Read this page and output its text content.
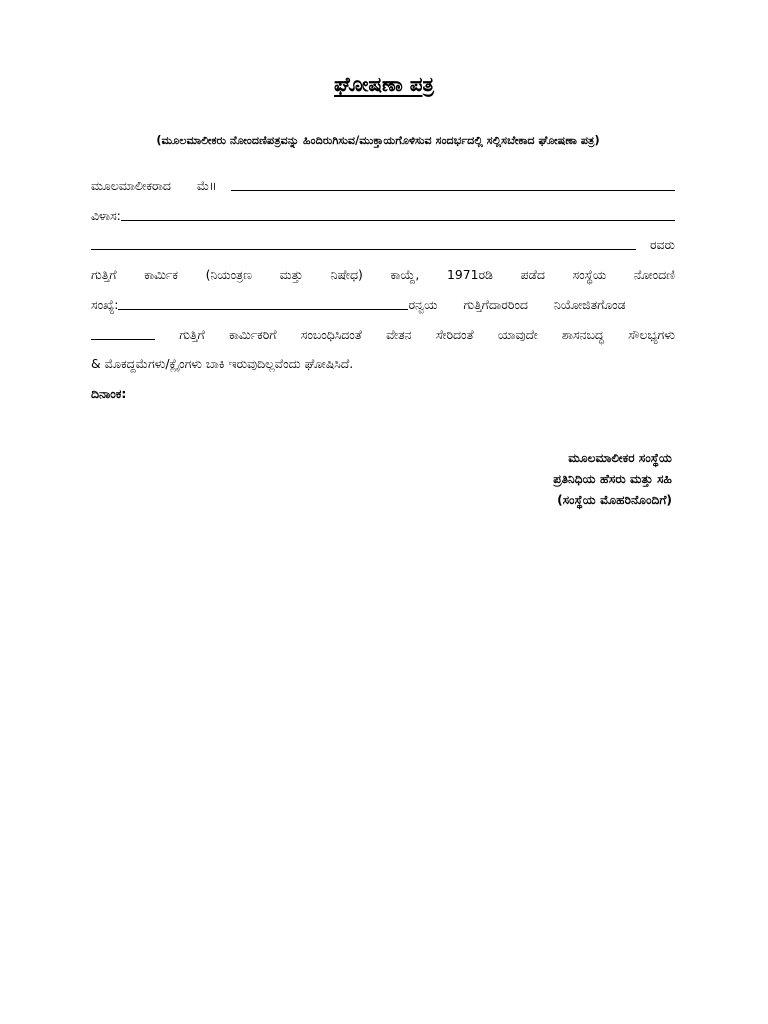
ಘೋಷಣಾ ಪತ್ರ
(ಮೂಲಮಾಲೀಕರು ನೋಂದಣಿಪತ್ರವನ್ನು ಹಿಂದಿರುಗಿಸುವ/ಮುಕ್ತಾಯಗೊಳಿಸುವ ಸಂದರ್ಭದಲ್ಲಿ ಸಲ್ಲಿಸಬೇಕಾದ ಘೋಷಣಾ ಪತ್ರ)
ಮೂಲಮಾಲೀಕರಾದ ಮೆ॥
ವಿಳಾಸ:
ರವರು
ಗುತ್ತಿಗೆ ಕಾರ್ಮಿಕ (ನಿಯಂತ್ರಣ ಮತ್ತು ನಿಷೇಧ) ಕಾಯ್ದೆ, 1971ರಡಿ ಪಡೆದ ಸಂಸ್ಥೆಯ ನೋಂದಣಿ
ಸಂಖ್ಯೆ:	ರನ್ವಯ ಗುತ್ತಿಗೆದಾರರಿಂದ ನಿಯೋಜಿತಗೊಂಡ
ಗುತ್ತಿಗೆ ಕಾರ್ಮಿಕರಿಗೆ ಸಂಬಂಧಿಸಿದಂತೆ ವೇತನ ಸೇರಿದಂತೆ ಯಾವುದೇ ಶಾಸನಬದ್ಧ ಸೌಲಭ್ಯಗಳು
& ಮೊಕದ್ದಮೆಗಳು/ಕ್ಲೈಂಗಳು ಬಾಕಿ ಇರುವುದಿಲ್ಲವೆಂದು ಘೋಷಿಸಿದೆ.
ದಿನಾಂಕ:
ಮೂಲಮಾಲೀಕರ ಸಂಸ್ಥೆಯ
ಪ್ರತಿನಿಧಿಯ ಹೆಸರು ಮತ್ತು ಸಹಿ
(ಸಂಸ್ಥೆಯ ಮೊಹರಿನೊಂದಿಗೆ)
